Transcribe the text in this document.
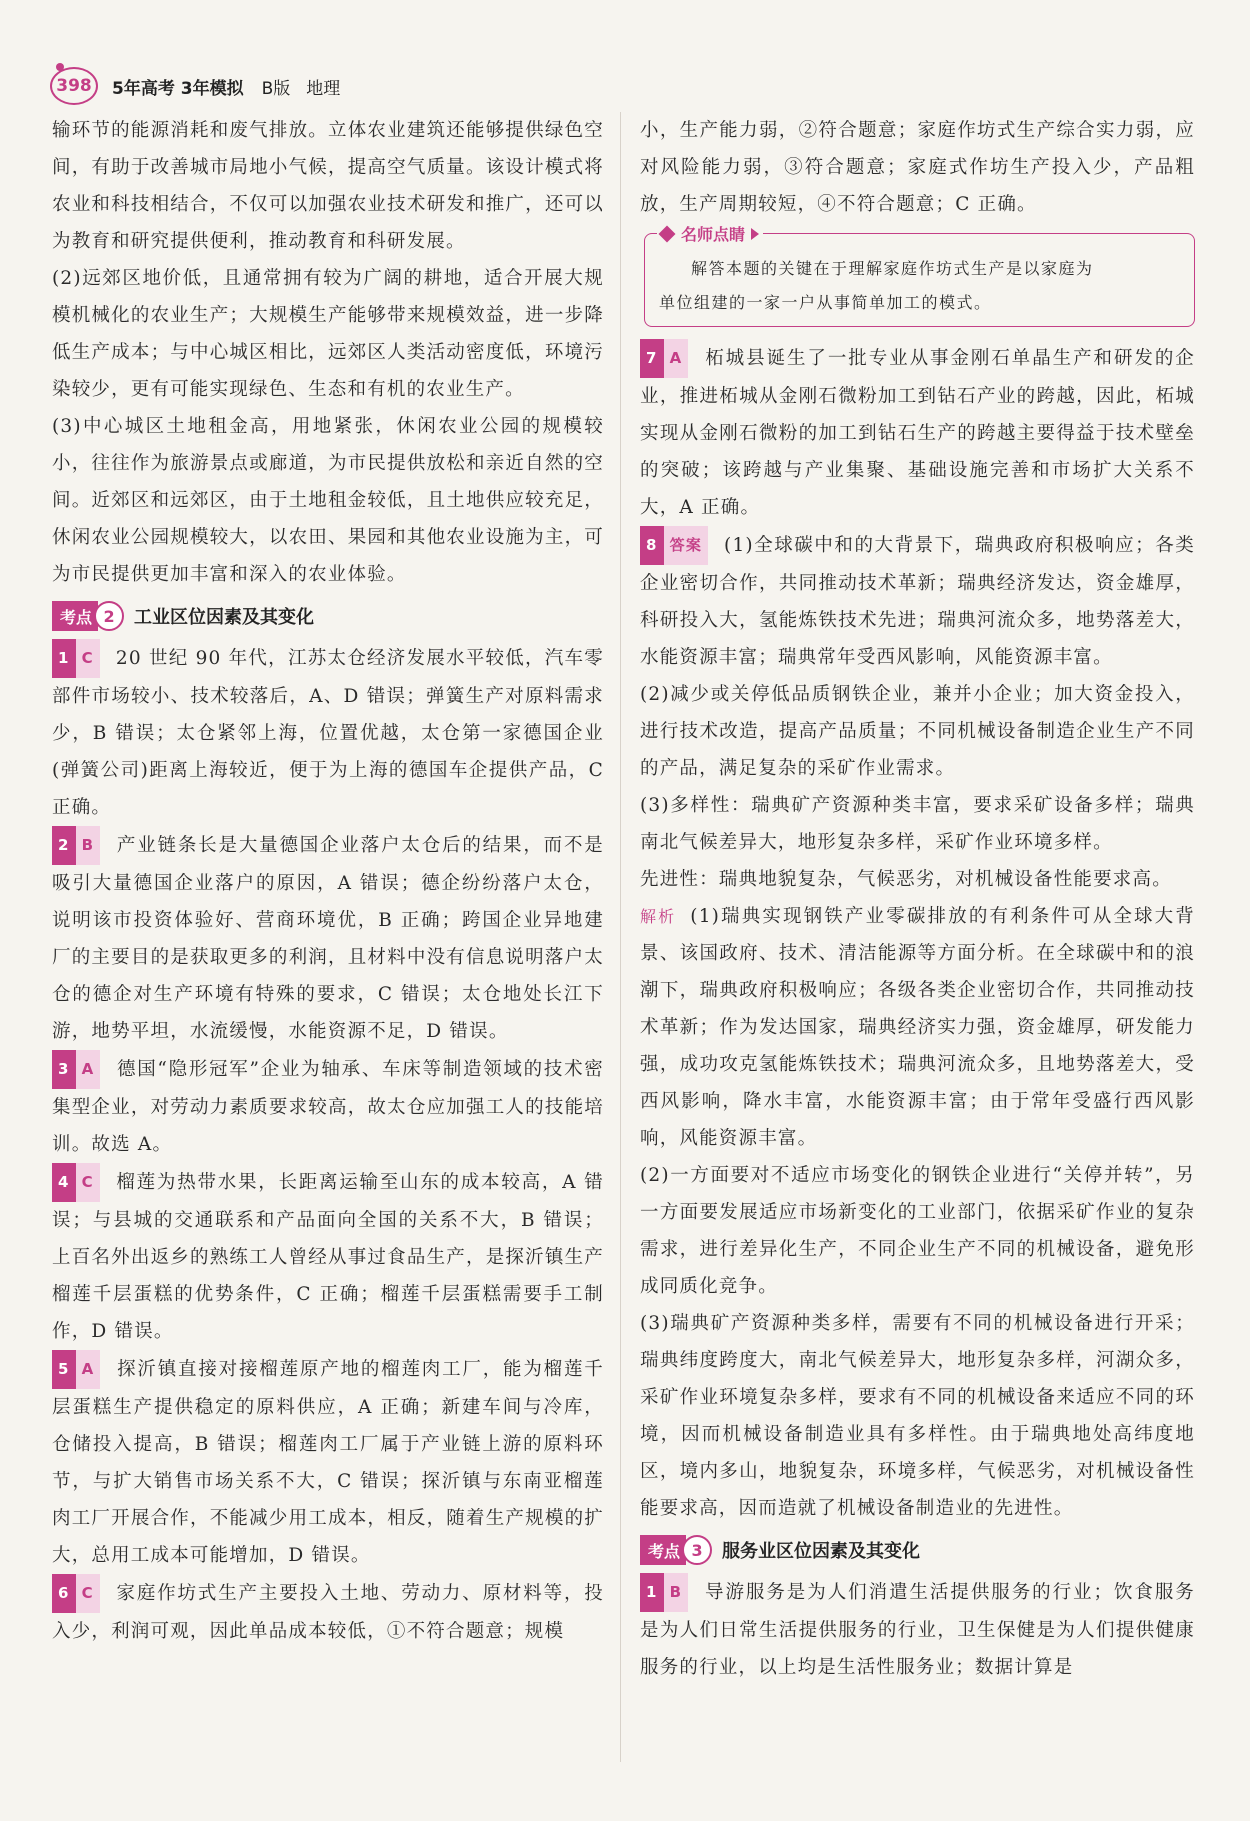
398	5年高考 3年模拟 B版 地理

输环节的能源消耗和废气排放。立体农业建筑还能够提供绿色空间，有助于改善城市局地小气候，提高空气质量。该设计模式将农业和科技相结合，不仅可以加强农业技术研发和推广，还可以为教育和研究提供便利，推动教育和科研发展。

(2)远郊区地价低，且通常拥有较为广阔的耕地，适合开展大规模机械化的农业生产；大规模生产能够带来规模效益，进一步降低生产成本；与中心城区相比，远郊区人类活动密度低，环境污染较少，更有可能实现绿色、生态和有机的农业生产。

(3)中心城区土地租金高，用地紧张，休闲农业公园的规模较小，往往作为旅游景点或廊道，为市民提供放松和亲近自然的空间。近郊区和远郊区，由于土地租金较低，且土地供应较充足，休闲农业公园规模较大，以农田、果园和其他农业设施为主，可为市民提供更加丰富和深入的农业体验。

考点 2	工业区位因素及其变化

1 C	20 世纪 90 年代，江苏太仓经济发展水平较低，汽车零部件市场较小、技术较落后，A、D 错误；弹簧生产对原料需求少，B 错误；太仓紧邻上海，位置优越，太仓第一家德国企业(弹簧公司)距离上海较近，便于为上海的德国车企提供产品，C 正确。

2 B	产业链条长是大量德国企业落户太仓后的结果，而不是吸引大量德国企业落户的原因，A 错误；德企纷纷落户太仓，说明该市投资体验好、营商环境优，B 正确；跨国企业异地建厂的主要目的是获取更多的利润，且材料中没有信息说明落户太仓的德企对生产环境有特殊的要求，C 错误；太仓地处长江下游，地势平坦，水流缓慢，水能资源不足，D 错误。

3 A	德国“隐形冠军”企业为轴承、车床等制造领域的技术密集型企业，对劳动力素质要求较高，故太仓应加强工人的技能培训。故选 A。

4 C	榴莲为热带水果，长距离运输至山东的成本较高，A 错误；与县城的交通联系和产品面向全国的关系不大，B 错误；上百名外出返乡的熟练工人曾经从事过食品生产，是探沂镇生产榴莲千层蛋糕的优势条件，C 正确；榴莲千层蛋糕需要手工制作，D 错误。

5 A	探沂镇直接对接榴莲原产地的榴莲肉工厂，能为榴莲千层蛋糕生产提供稳定的原料供应，A 正确；新建车间与冷库，仓储投入提高，B 错误；榴莲肉工厂属于产业链上游的原料环节，与扩大销售市场关系不大，C 错误；探沂镇与东南亚榴莲肉工厂开展合作，不能减少用工成本，相反，随着生产规模的扩大，总用工成本可能增加，D 错误。

6 C	家庭作坊式生产主要投入土地、劳动力、原材料等，投入少，利润可观，因此单品成本较低，①不符合题意；规模

小，生产能力弱，②符合题意；家庭作坊式生产综合实力弱，应对风险能力弱，③符合题意；家庭式作坊生产投入少，产品粗放，生产周期较短，④不符合题意；C 正确。

名师点睛

解答本题的关键在于理解家庭作坊式生产是以家庭为

单位组建的一家一户从事简单加工的模式。

7 A	柘城县诞生了一批专业从事金刚石单晶生产和研发的企业，推进柘城从金刚石微粉加工到钻石产业的跨越，因此，柘城实现从金刚石微粉的加工到钻石生产的跨越主要得益于技术壁垒的突破；该跨越与产业集聚、基础设施完善和市场扩大关系不大，A 正确。

8 答案	(1)全球碳中和的大背景下，瑞典政府积极响应；各类企业密切合作，共同推动技术革新；瑞典经济发达，资金雄厚，科研投入大，氢能炼铁技术先进；瑞典河流众多，地势落差大，水能资源丰富；瑞典常年受西风影响，风能资源丰富。

(2)减少或关停低品质钢铁企业，兼并小企业；加大资金投入，进行技术改造，提高产品质量；不同机械设备制造企业生产不同的产品，满足复杂的采矿作业需求。

(3)多样性：瑞典矿产资源种类丰富，要求采矿设备多样；瑞典南北气候差异大，地形复杂多样，采矿作业环境多样。

先进性：瑞典地貌复杂，气候恶劣，对机械设备性能要求高。

解析 (1)瑞典实现钢铁产业零碳排放的有利条件可从全球大背景、该国政府、技术、清洁能源等方面分析。在全球碳中和的浪潮下，瑞典政府积极响应；各级各类企业密切合作，共同推动技术革新；作为发达国家，瑞典经济实力强，资金雄厚，研发能力强，成功攻克氢能炼铁技术；瑞典河流众多，且地势落差大，受西风影响，降水丰富，水能资源丰富；由于常年受盛行西风影响，风能资源丰富。

(2)一方面要对不适应市场变化的钢铁企业进行“关停并转”，另一方面要发展适应市场新变化的工业部门，依据采矿作业的复杂需求，进行差异化生产，不同企业生产不同的机械设备，避免形成同质化竞争。

(3)瑞典矿产资源种类多样，需要有不同的机械设备进行开采；瑞典纬度跨度大，南北气候差异大，地形复杂多样，河湖众多，采矿作业环境复杂多样，要求有不同的机械设备来适应不同的环境，因而机械设备制造业具有多样性。由于瑞典地处高纬度地区，境内多山，地貌复杂，环境多样，气候恶劣，对机械设备性能要求高，因而造就了机械设备制造业的先进性。

考点 3	服务业区位因素及其变化

1 B	导游服务是为人们消遣生活提供服务的行业；饮食服务是为人们日常生活提供服务的行业，卫生保健是为人们提供健康服务的行业，以上均是生活性服务业；数据计算是
